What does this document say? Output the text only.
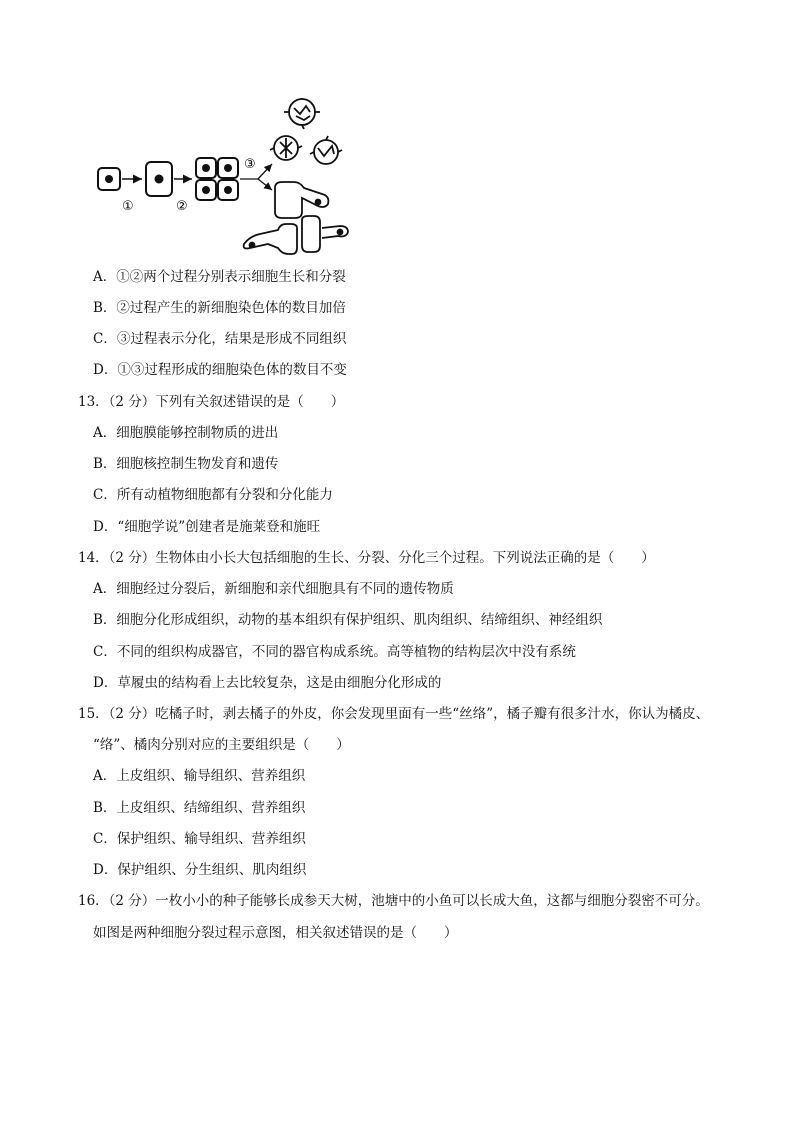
①	②
③
A．①②两个过程分别表示细胞生长和分裂
B．②过程产生的新细胞染色体的数目加倍
C．③过程表示分化，结果是形成不同组织
D．①③过程形成的细胞染色体的数目不变
13．（2 分）下列有关叙述错误的是（　　）
A．细胞膜能够控制物质的进出
B．细胞核控制生物发育和遗传
C．所有动植物细胞都有分裂和分化能力
D．“细胞学说”创建者是施莱登和施旺
14．（2 分）生物体由小长大包括细胞的生长、分裂、分化三个过程。下列说法正确的是（　　）
A．细胞经过分裂后，新细胞和亲代细胞具有不同的遗传物质
B．细胞分化形成组织，动物的基本组织有保护组织、肌肉组织、结缔组织、神经组织
C．不同的组织构成器官，不同的器官构成系统。高等植物的结构层次中没有系统
D．草履虫的结构看上去比较复杂，这是由细胞分化形成的
15．（2 分）吃橘子时，剥去橘子的外皮，你会发现里面有一些“丝络”，橘子瓣有很多汁水，你认为橘皮、
“络”、橘肉分别对应的主要组织是（　　）
A．上皮组织、输导组织、营养组织
B．上皮组织、结缔组织、营养组织
C．保护组织、输导组织、营养组织
D．保护组织、分生组织、肌肉组织
16．（2 分）一枚小小的种子能够长成参天大树，池塘中的小鱼可以长成大鱼，这都与细胞分裂密不可分。
如图是两种细胞分裂过程示意图，相关叙述错误的是（　　）
